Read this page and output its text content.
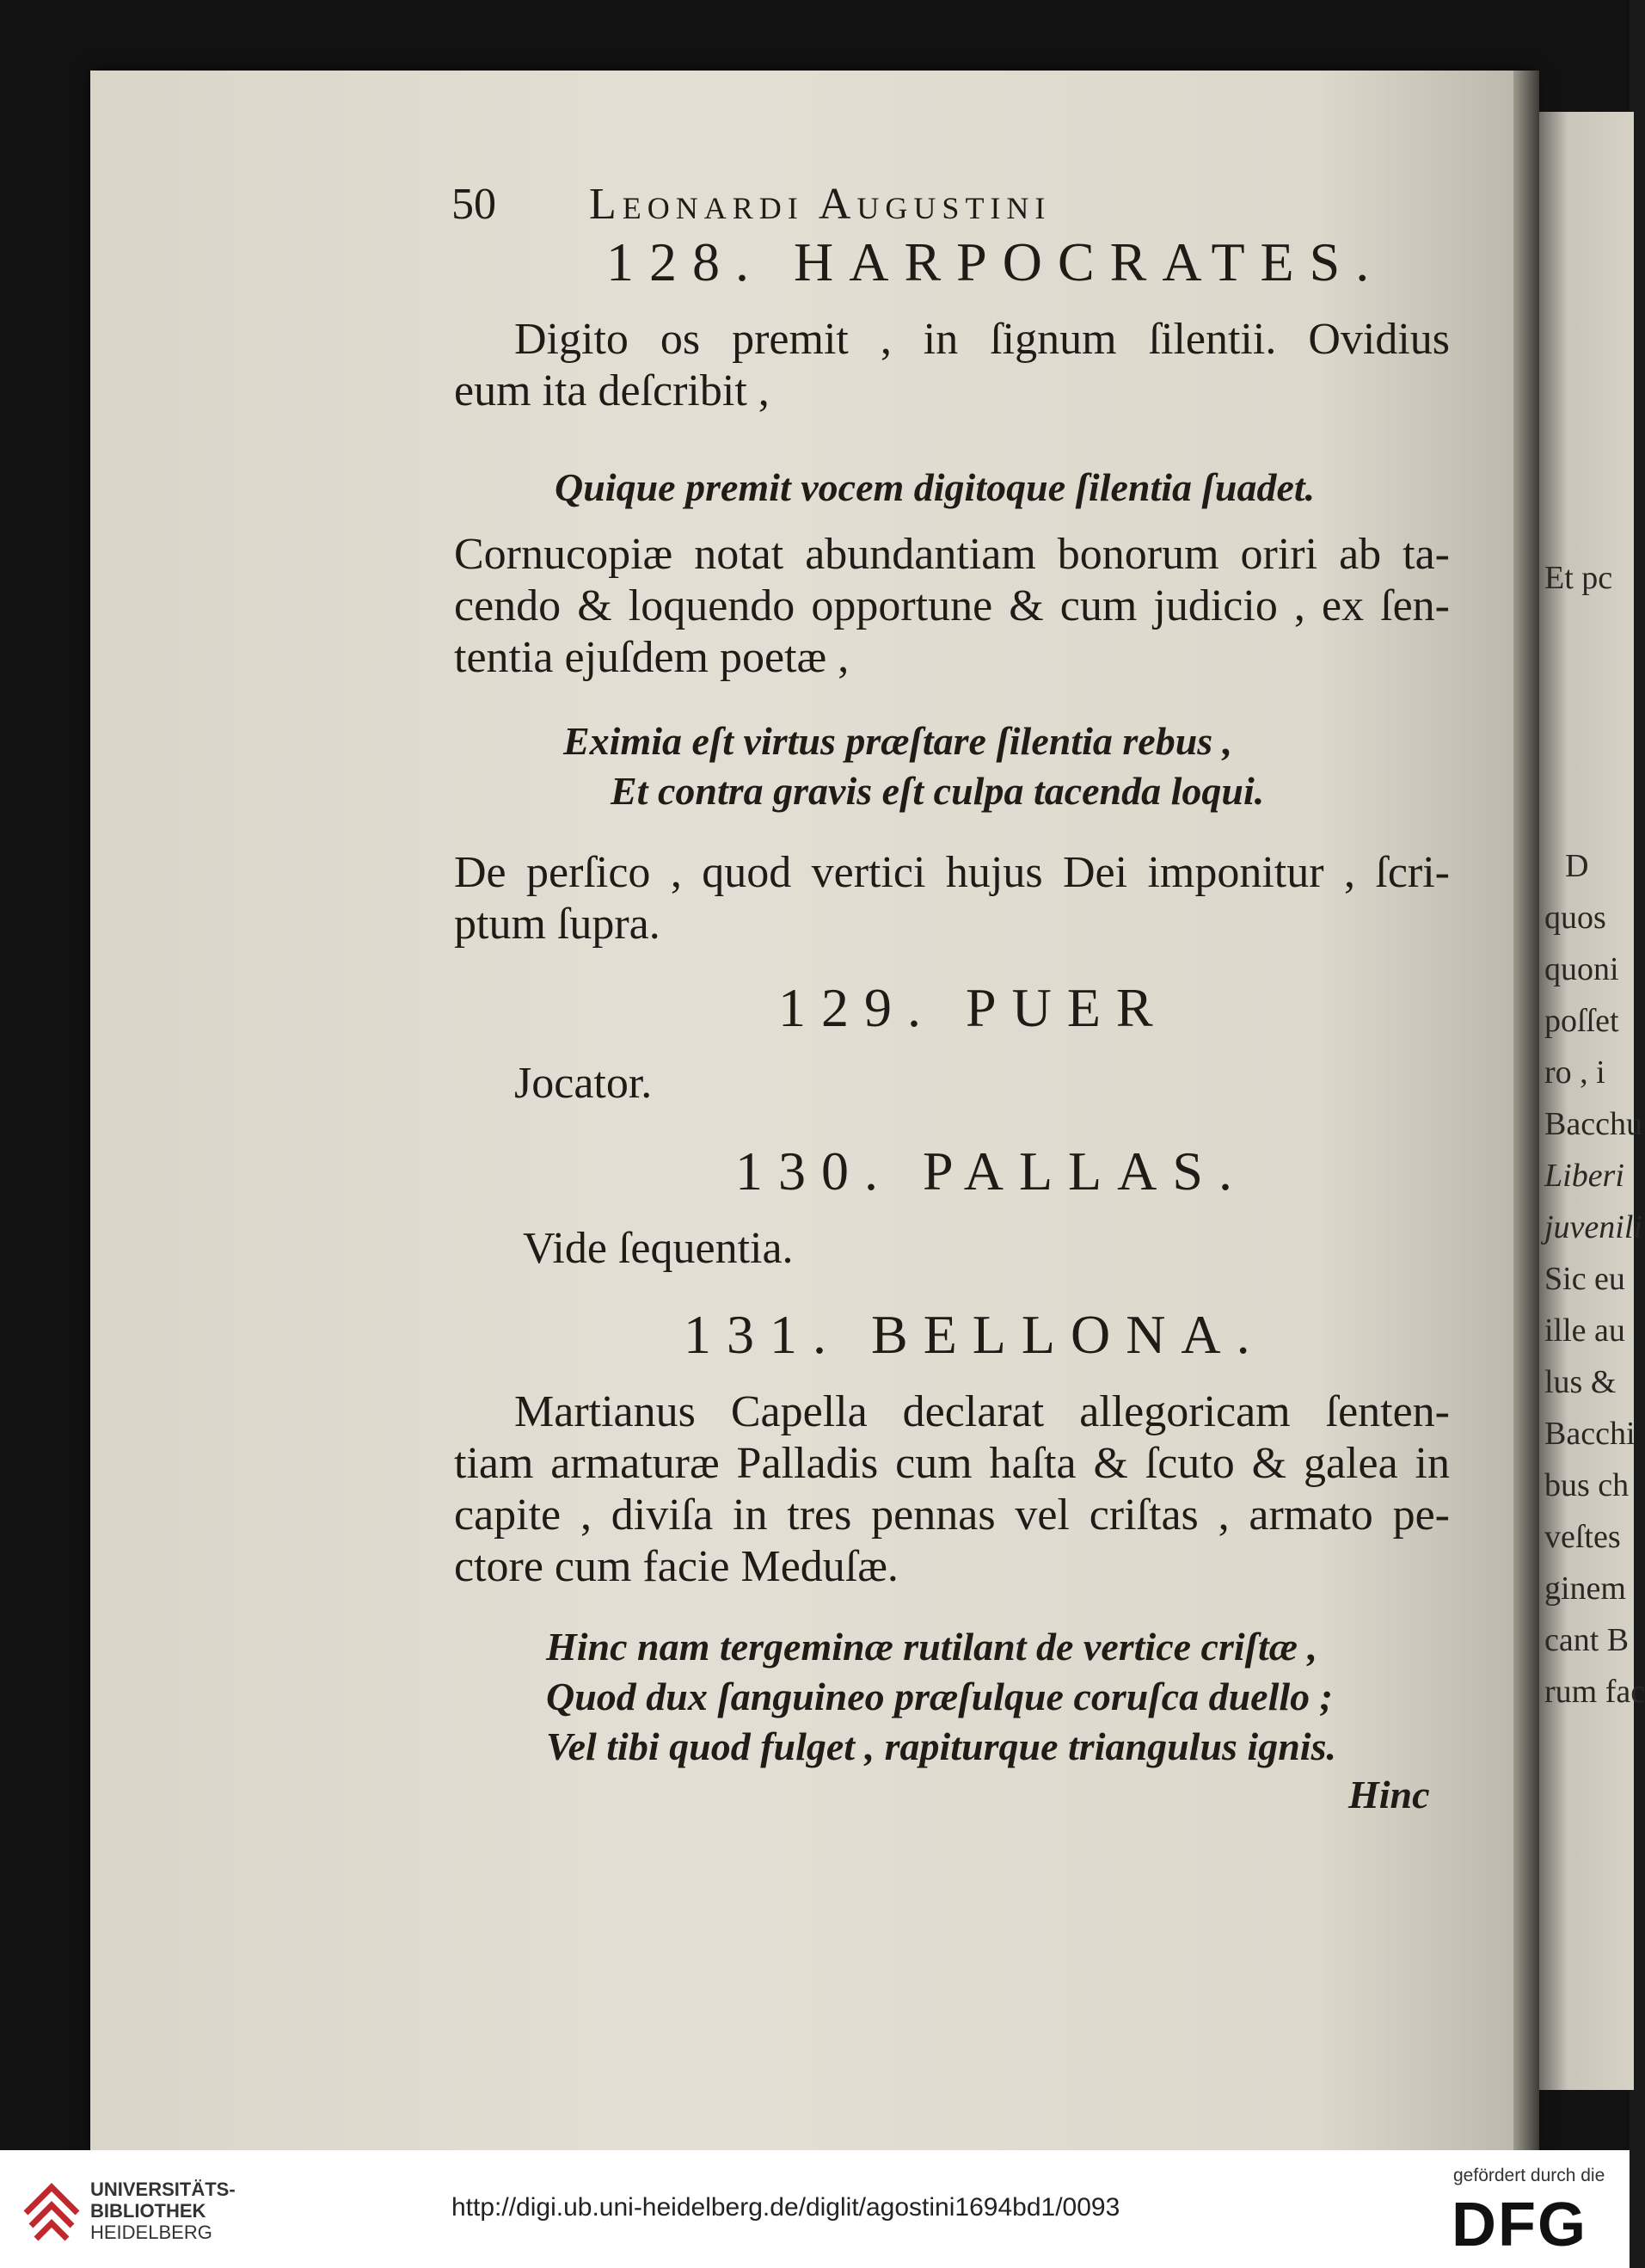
Et pc
D
quos
quoni
poſſet
ro , i
Bacchu
Liberi
juvenili
Sic eu
ille au
lus &
Bacchi
bus ch
veſtes
ginem
cant B
rum fac
50 Leonardi Augustini
128. HARPOCRATES.
Digito os premit , in ſignum ſilentii. Ovidius
eum ita deſcribit ,
Quique premit vocem digitoque ſilentia ſuadet.
Cornucopiæ notat abundantiam bonorum oriri ab ta-
cendo & loquendo opportune & cum judicio , ex ſen-
tentia ejuſdem poetæ ,
Eximia eſt virtus præſtare ſilentia rebus ,
Et contra gravis eſt culpa tacenda loqui.
De perſico , quod vertici hujus Dei imponitur , ſcri-
ptum ſupra.
129. PUER
Jocator.
130. PALLAS.
Vide ſequentia.
131. BELLONA.
Martianus Capella declarat allegoricam ſenten-
tiam armaturæ Palladis cum haſta & ſcuto & galea in
capite , diviſa in tres pennas vel criſtas , armato pe-
ctore cum facie Meduſæ.
Hinc nam tergeminæ rutilant de vertice criſtæ ,
Quod dux ſanguineo præſulque coruſca duello ;
Vel tibi quod fulget , rapiturque triangulus ignis.
Hinc
UNIVERSITÄTS-
BIBLIOTHEK
HEIDELBERG
http://digi.ub.uni-heidelberg.de/diglit/agostini1694bd1/0093
gefördert durch die
DFG
